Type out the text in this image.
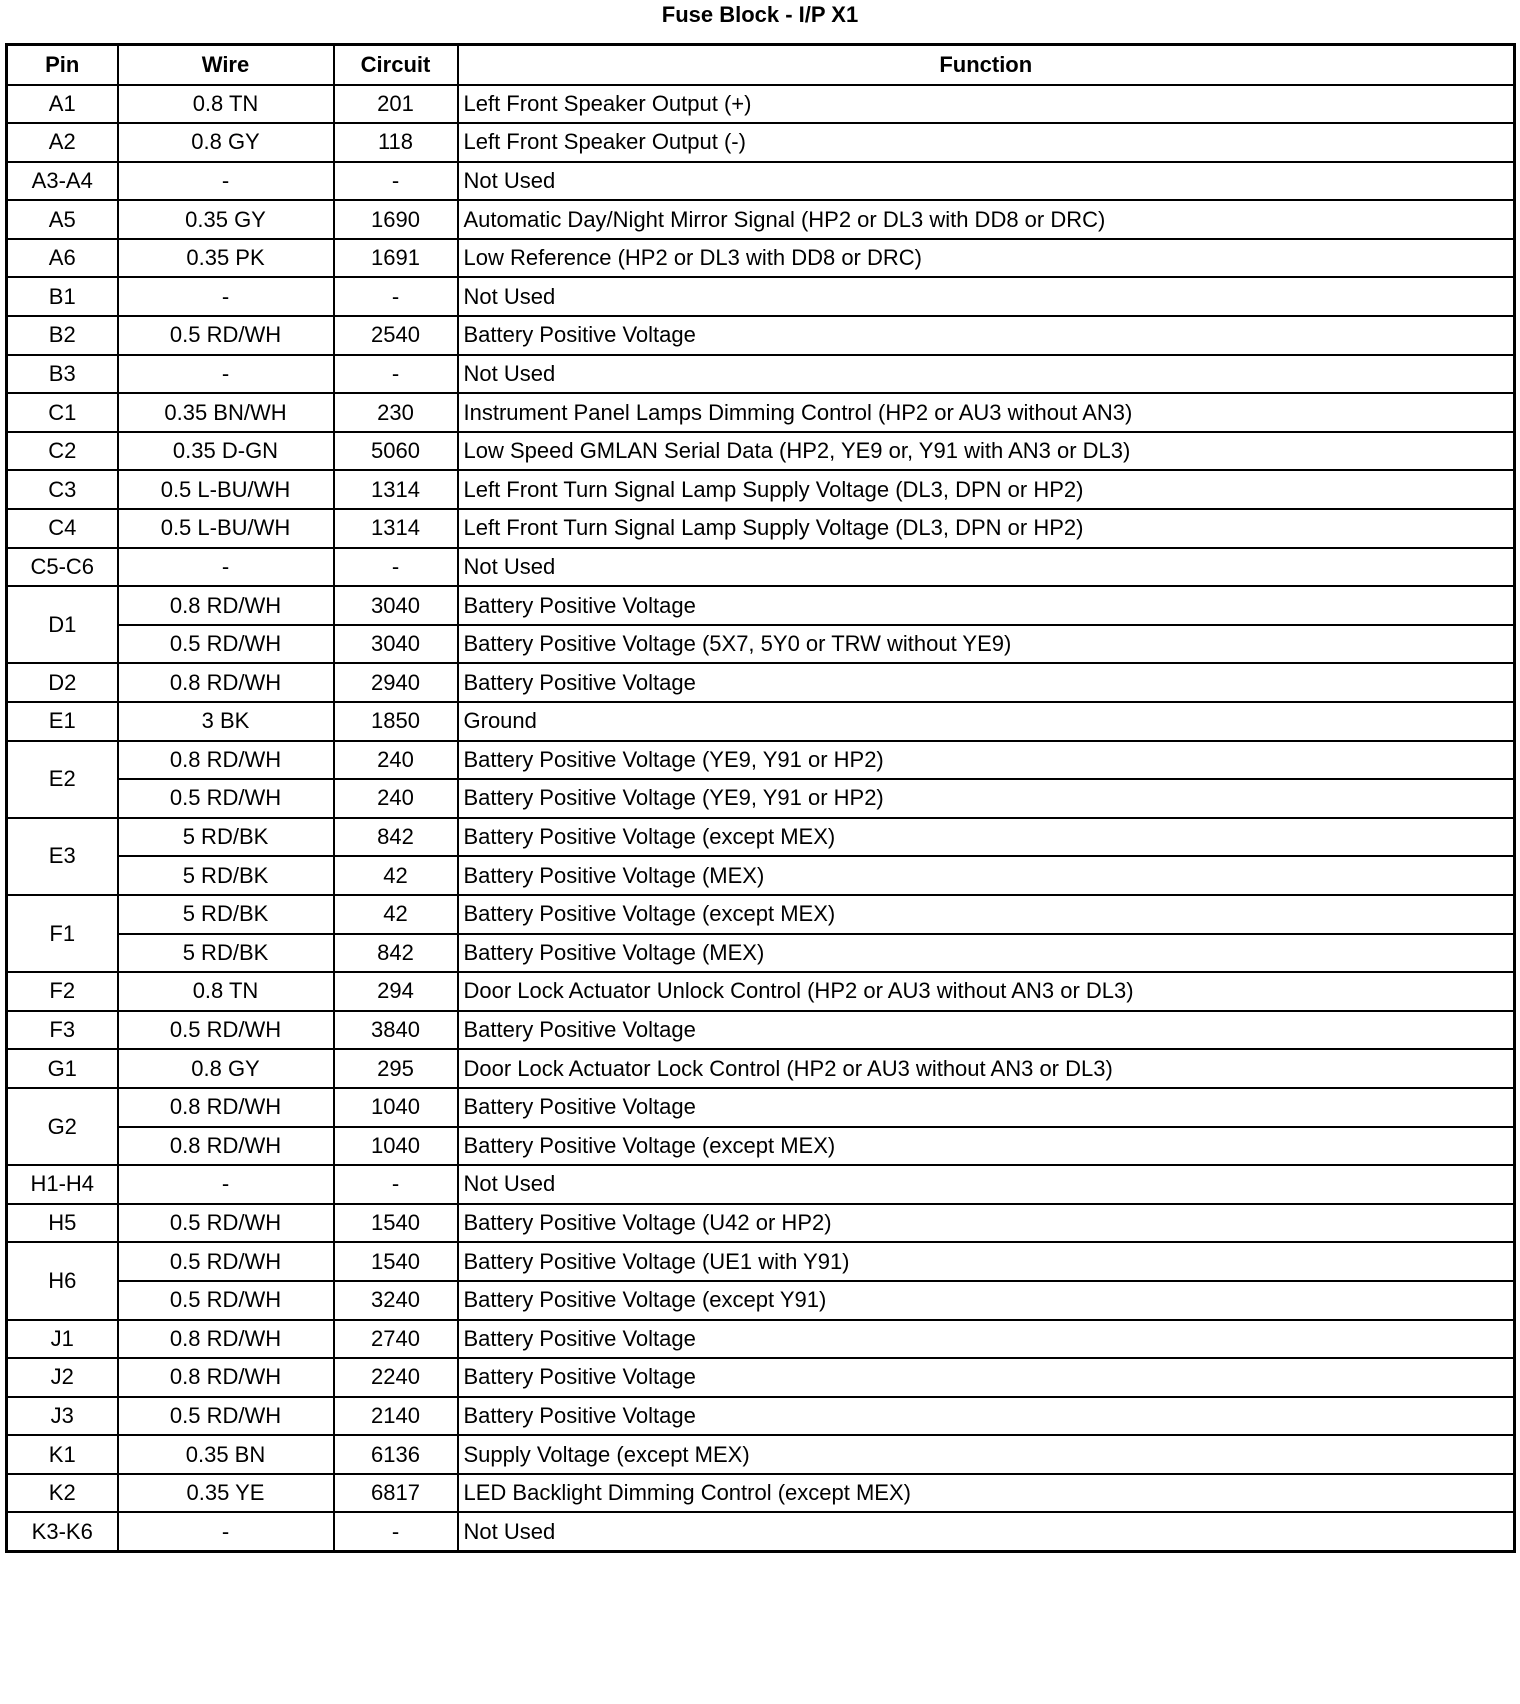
Fuse Block - I/P X1
Pin	Wire	Circuit	Function
A1	0.8 TN	201	Left Front Speaker Output (+)
A2	0.8 GY	118	Left Front Speaker Output (-)
A3-A4	-	-	Not Used
A5	0.35 GY	1690	Automatic Day/Night Mirror Signal (HP2 or DL3 with DD8 or DRC)
A6	0.35 PK	1691	Low Reference (HP2 or DL3 with DD8 or DRC)
B1	-	-	Not Used
B2	0.5 RD/WH	2540	Battery Positive Voltage
B3	-	-	Not Used
C1	0.35 BN/WH	230	Instrument Panel Lamps Dimming Control (HP2 or AU3 without AN3)
C2	0.35 D-GN	5060	Low Speed GMLAN Serial Data (HP2, YE9 or, Y91 with AN3 or DL3)
C3	0.5 L-BU/WH	1314	Left Front Turn Signal Lamp Supply Voltage (DL3, DPN or HP2)
C4	0.5 L-BU/WH	1314	Left Front Turn Signal Lamp Supply Voltage (DL3, DPN or HP2)
C5-C6	-	-	Not Used
D1	0.8 RD/WH	3040	Battery Positive Voltage
	0.5 RD/WH	3040	Battery Positive Voltage (5X7, 5Y0 or TRW without YE9)
D2	0.8 RD/WH	2940	Battery Positive Voltage
E1	3 BK	1850	Ground
E2	0.8 RD/WH	240	Battery Positive Voltage (YE9, Y91 or HP2)
	0.5 RD/WH	240	Battery Positive Voltage (YE9, Y91 or HP2)
E3	5 RD/BK	842	Battery Positive Voltage (except MEX)
	5 RD/BK	42	Battery Positive Voltage (MEX)
F1	5 RD/BK	42	Battery Positive Voltage (except MEX)
	5 RD/BK	842	Battery Positive Voltage (MEX)
F2	0.8 TN	294	Door Lock Actuator Unlock Control (HP2 or AU3 without AN3 or DL3)
F3	0.5 RD/WH	3840	Battery Positive Voltage
G1	0.8 GY	295	Door Lock Actuator Lock Control (HP2 or AU3 without AN3 or DL3)
G2	0.8 RD/WH	1040	Battery Positive Voltage
	0.8 RD/WH	1040	Battery Positive Voltage (except MEX)
H1-H4	-	-	Not Used
H5	0.5 RD/WH	1540	Battery Positive Voltage (U42 or HP2)
H6	0.5 RD/WH	1540	Battery Positive Voltage (UE1 with Y91)
	0.5 RD/WH	3240	Battery Positive Voltage (except Y91)
J1	0.8 RD/WH	2740	Battery Positive Voltage
J2	0.8 RD/WH	2240	Battery Positive Voltage
J3	0.5 RD/WH	2140	Battery Positive Voltage
K1	0.35 BN	6136	Supply Voltage (except MEX)
K2	0.35 YE	6817	LED Backlight Dimming Control (except MEX)
K3-K6	-	-	Not Used
